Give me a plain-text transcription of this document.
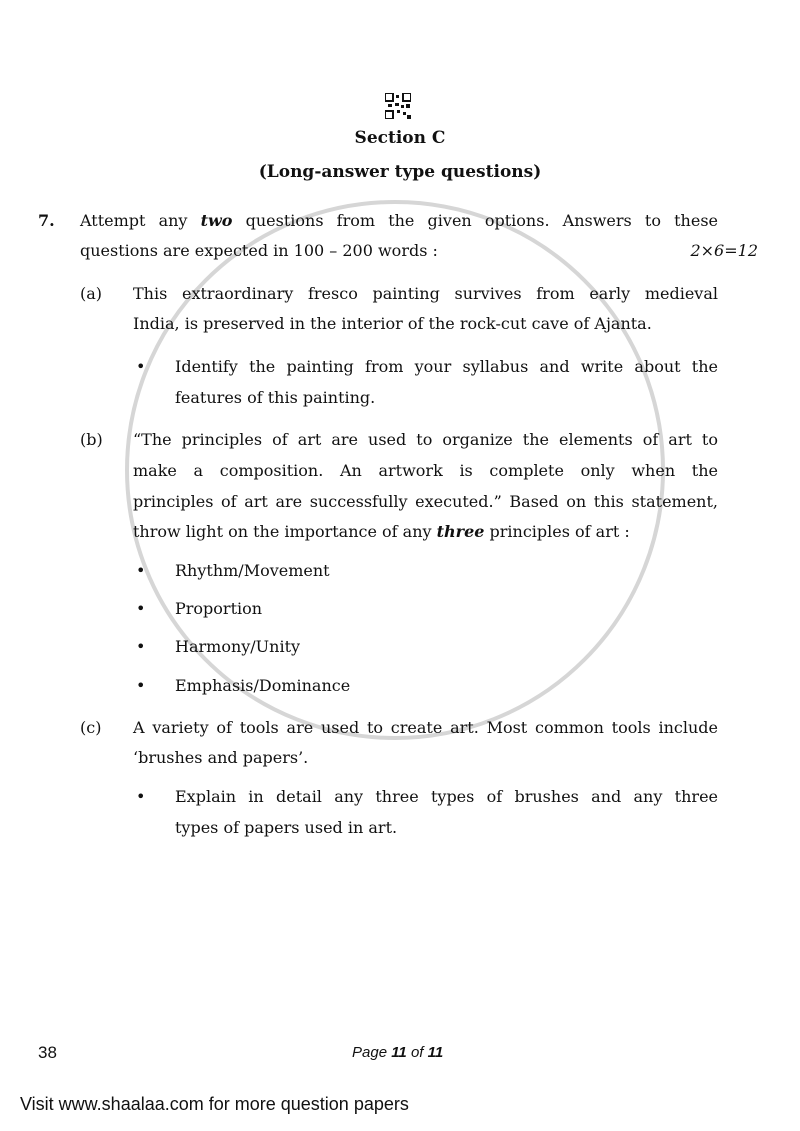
Section C
(Long-answer type questions)
7. Attempt any two questions from the given options. Answers to these
questions are expected in 100 – 200 words :	2×6=12
(a) This extraordinary fresco painting survives from early medieval
India, is preserved in the interior of the rock-cut cave of Ajanta.
• Identify the painting from your syllabus and write about the
features of this painting.
(b) “The principles of art are used to organize the elements of art to
make a composition. An artwork is complete only when the
principles of art are successfully executed.” Based on this statement,
throw light on the importance of any three principles of art :
• Rhythm/Movement
• Proportion
• Harmony/Unity
• Emphasis/Dominance
(c) A variety of tools are used to create art. Most common tools include
‘brushes and papers’.
• Explain in detail any three types of brushes and any three
types of papers used in art.
38	Page 11 of 11
Visit www.shaalaa.com for more question papers
